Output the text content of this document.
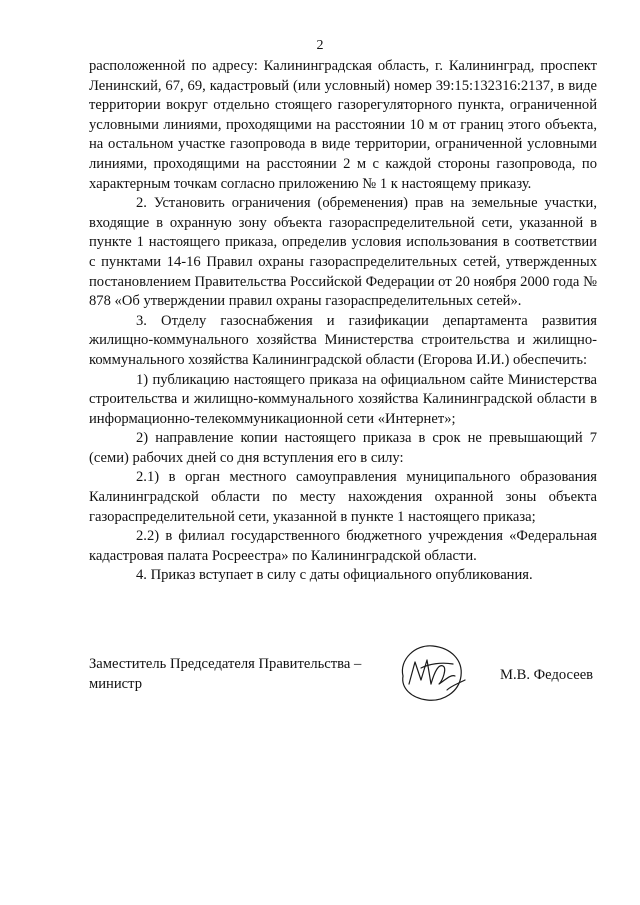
2

расположенной по адресу: Калининградская область, г. Калининград, проспект Ленинский, 67, 69, кадастровый (или условный) номер 39:15:132316:2137, в виде территории вокруг отдельно стоящего газорегуляторного пункта, ограниченной условными линиями, проходящими на расстоянии 10 м от границ этого объекта, на остальном участке газопровода в виде территории, ограниченной условными линиями, проходящими на расстоянии 2 м с каждой стороны газопровода, по характерным точкам согласно приложению № 1 к настоящему приказу.

2. Установить ограничения (обременения) прав на земельные участки, входящие в охранную зону объекта газораспределительной сети, указанной в пункте 1 настоящего приказа, определив условия использования в соответствии с пунктами 14-16 Правил охраны газораспределительных сетей, утвержденных постановлением Правительства Российской Федерации от 20 ноября 2000 года № 878 «Об утверждении правил охраны газораспределительных сетей».

3. Отделу газоснабжения и газификации департамента развития жилищно-коммунального хозяйства Министерства строительства и жилищно-коммунального хозяйства Калининградской области (Егорова И.И.) обеспечить:

1) публикацию настоящего приказа на официальном сайте Министерства строительства и жилищно-коммунального хозяйства Калининградской области в информационно-телекоммуникационной сети «Интернет»;

2) направление копии настоящего приказа в срок не превышающий 7 (семи) рабочих дней со дня вступления его в силу:

2.1) в орган местного самоуправления муниципального образования Калининградской области по месту нахождения охранной зоны объекта газораспределительной сети, указанной в пункте 1 настоящего приказа;

2.2) в филиал государственного бюджетного учреждения «Федеральная кадастровая палата Росреестра» по Калининградской области.

4. Приказ вступает в силу с даты официального опубликования.

Заместитель Председателя Правительства –
министр
М.В. Федосеев
